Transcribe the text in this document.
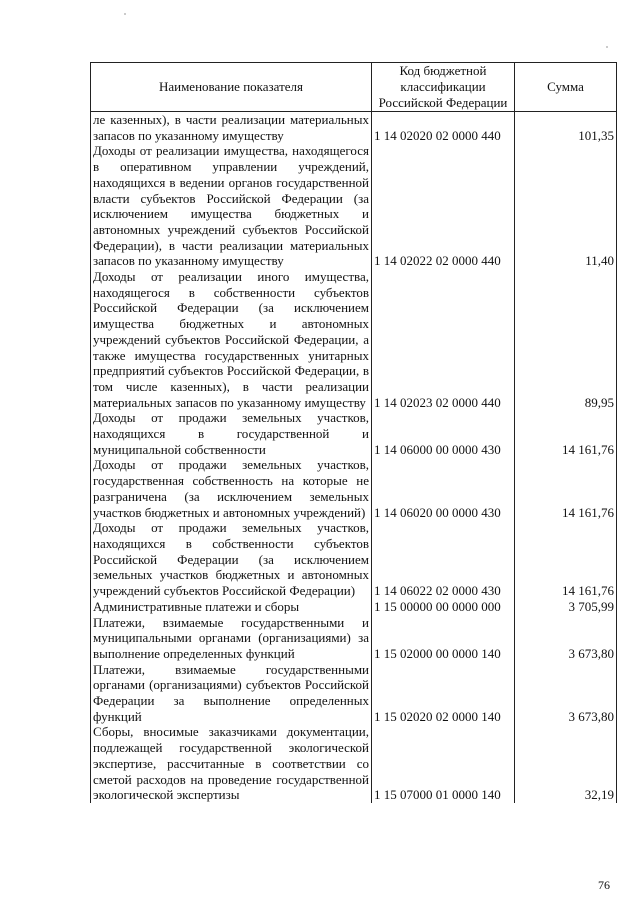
Наименование показателя	Код бюджетной классификации Российской Федерации	Сумма
ле казенных), в части реализации материальных запасов по указанному имуществу	1 14 02020 02 0000 440	101,35
Доходы от реализации имущества, находящегося в оперативном управлении учреждений, находящихся в ведении органов государственной власти субъектов Российской Федерации (за исключением имущества бюджетных и автономных учреждений субъектов Российской Федерации), в части реализации материальных запасов по указанному имуществу	1 14 02022 02 0000 440	11,40
Доходы от реализации иного имущества, находящегося в собственности субъектов Российской Федерации (за исключением имущества бюджетных и автономных учреждений субъектов Российской Федерации, а также имущества государственных унитарных предприятий субъектов Российской Федерации, в том числе казенных), в части реализации материальных запасов по указанному имуществу	1 14 02023 02 0000 440	89,95
Доходы от продажи земельных участков, находящихся в государственной и муниципальной собственности	1 14 06000 00 0000 430	14 161,76
Доходы от продажи земельных участков, государственная собственность на которые не разграничена (за исключением земельных участков бюджетных и автономных учреждений)	1 14 06020 00 0000 430	14 161,76
Доходы от продажи земельных участков, находящихся в собственности субъектов Российской Федерации (за исключением земельных участков бюджетных и автономных учреждений субъектов Российской Федерации)	1 14 06022 02 0000 430	14 161,76
Административные платежи и сборы	1 15 00000 00 0000 000	3 705,99
Платежи, взимаемые государственными и муниципальными органами (организациями) за выполнение определенных функций	1 15 02000 00 0000 140	3 673,80
Платежи, взимаемые государственными органами (организациями) субъектов Российской Федерации за выполнение определенных функций	1 15 02020 02 0000 140	3 673,80
Сборы, вносимые заказчиками документации, подлежащей государственной экологической экспертизе, рассчитанные в соответствии со сметой расходов на проведение государственной экологической экспертизы	1 15 07000 01 0000 140	32,19
76
